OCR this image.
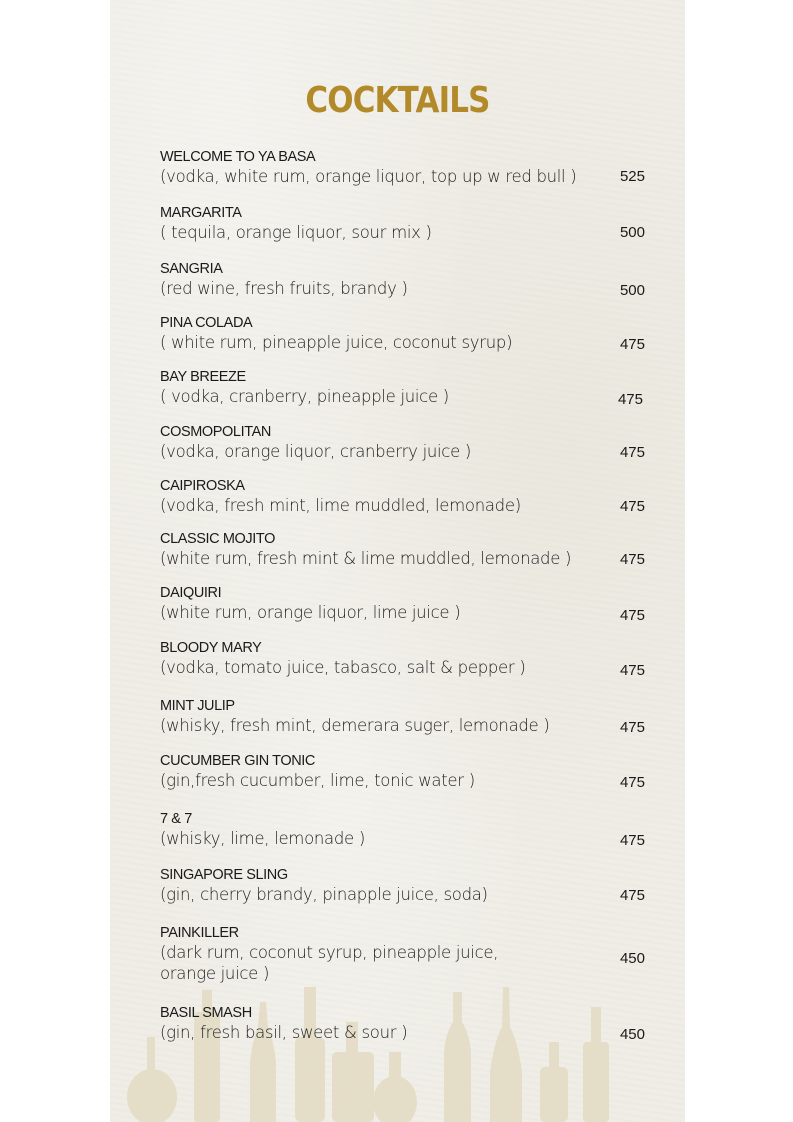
COCKTAILS
WELCOME TO YA BASA
(vodka, white rum, orange liquor, top up w red bull )	525
MARGARITA
( tequila, orange liquor, sour mix )	500
SANGRIA
(red wine, fresh fruits, brandy )	500
PINA COLADA
( white rum, pineapple juice, coconut syrup)	475
BAY BREEZE
( vodka, cranberry, pineapple juice )	475
COSMOPOLITAN
(vodka, orange liquor, cranberry juice )	475
CAIPIROSKA
(vodka, fresh mint, lime muddled, lemonade)	475
CLASSIC MOJITO
(white rum, fresh mint & lime muddled, lemonade )	475
DAIQUIRI
(white rum, orange liquor, lime juice )	475
BLOODY MARY
(vodka, tomato juice, tabasco, salt & pepper )	475
MINT JULIP
(whisky, fresh mint, demerara suger, lemonade )	475
CUCUMBER GIN TONIC
(gin,fresh cucumber, lime, tonic water )	475
7 & 7
(whisky, lime, lemonade )	475
SINGAPORE SLING
(gin, cherry brandy, pinapple juice, soda)	475
PAINKILLER
(dark rum, coconut syrup, pineapple juice, orange juice )
450
BASIL SMASH
(gin, fresh basil, sweet & sour )	450
